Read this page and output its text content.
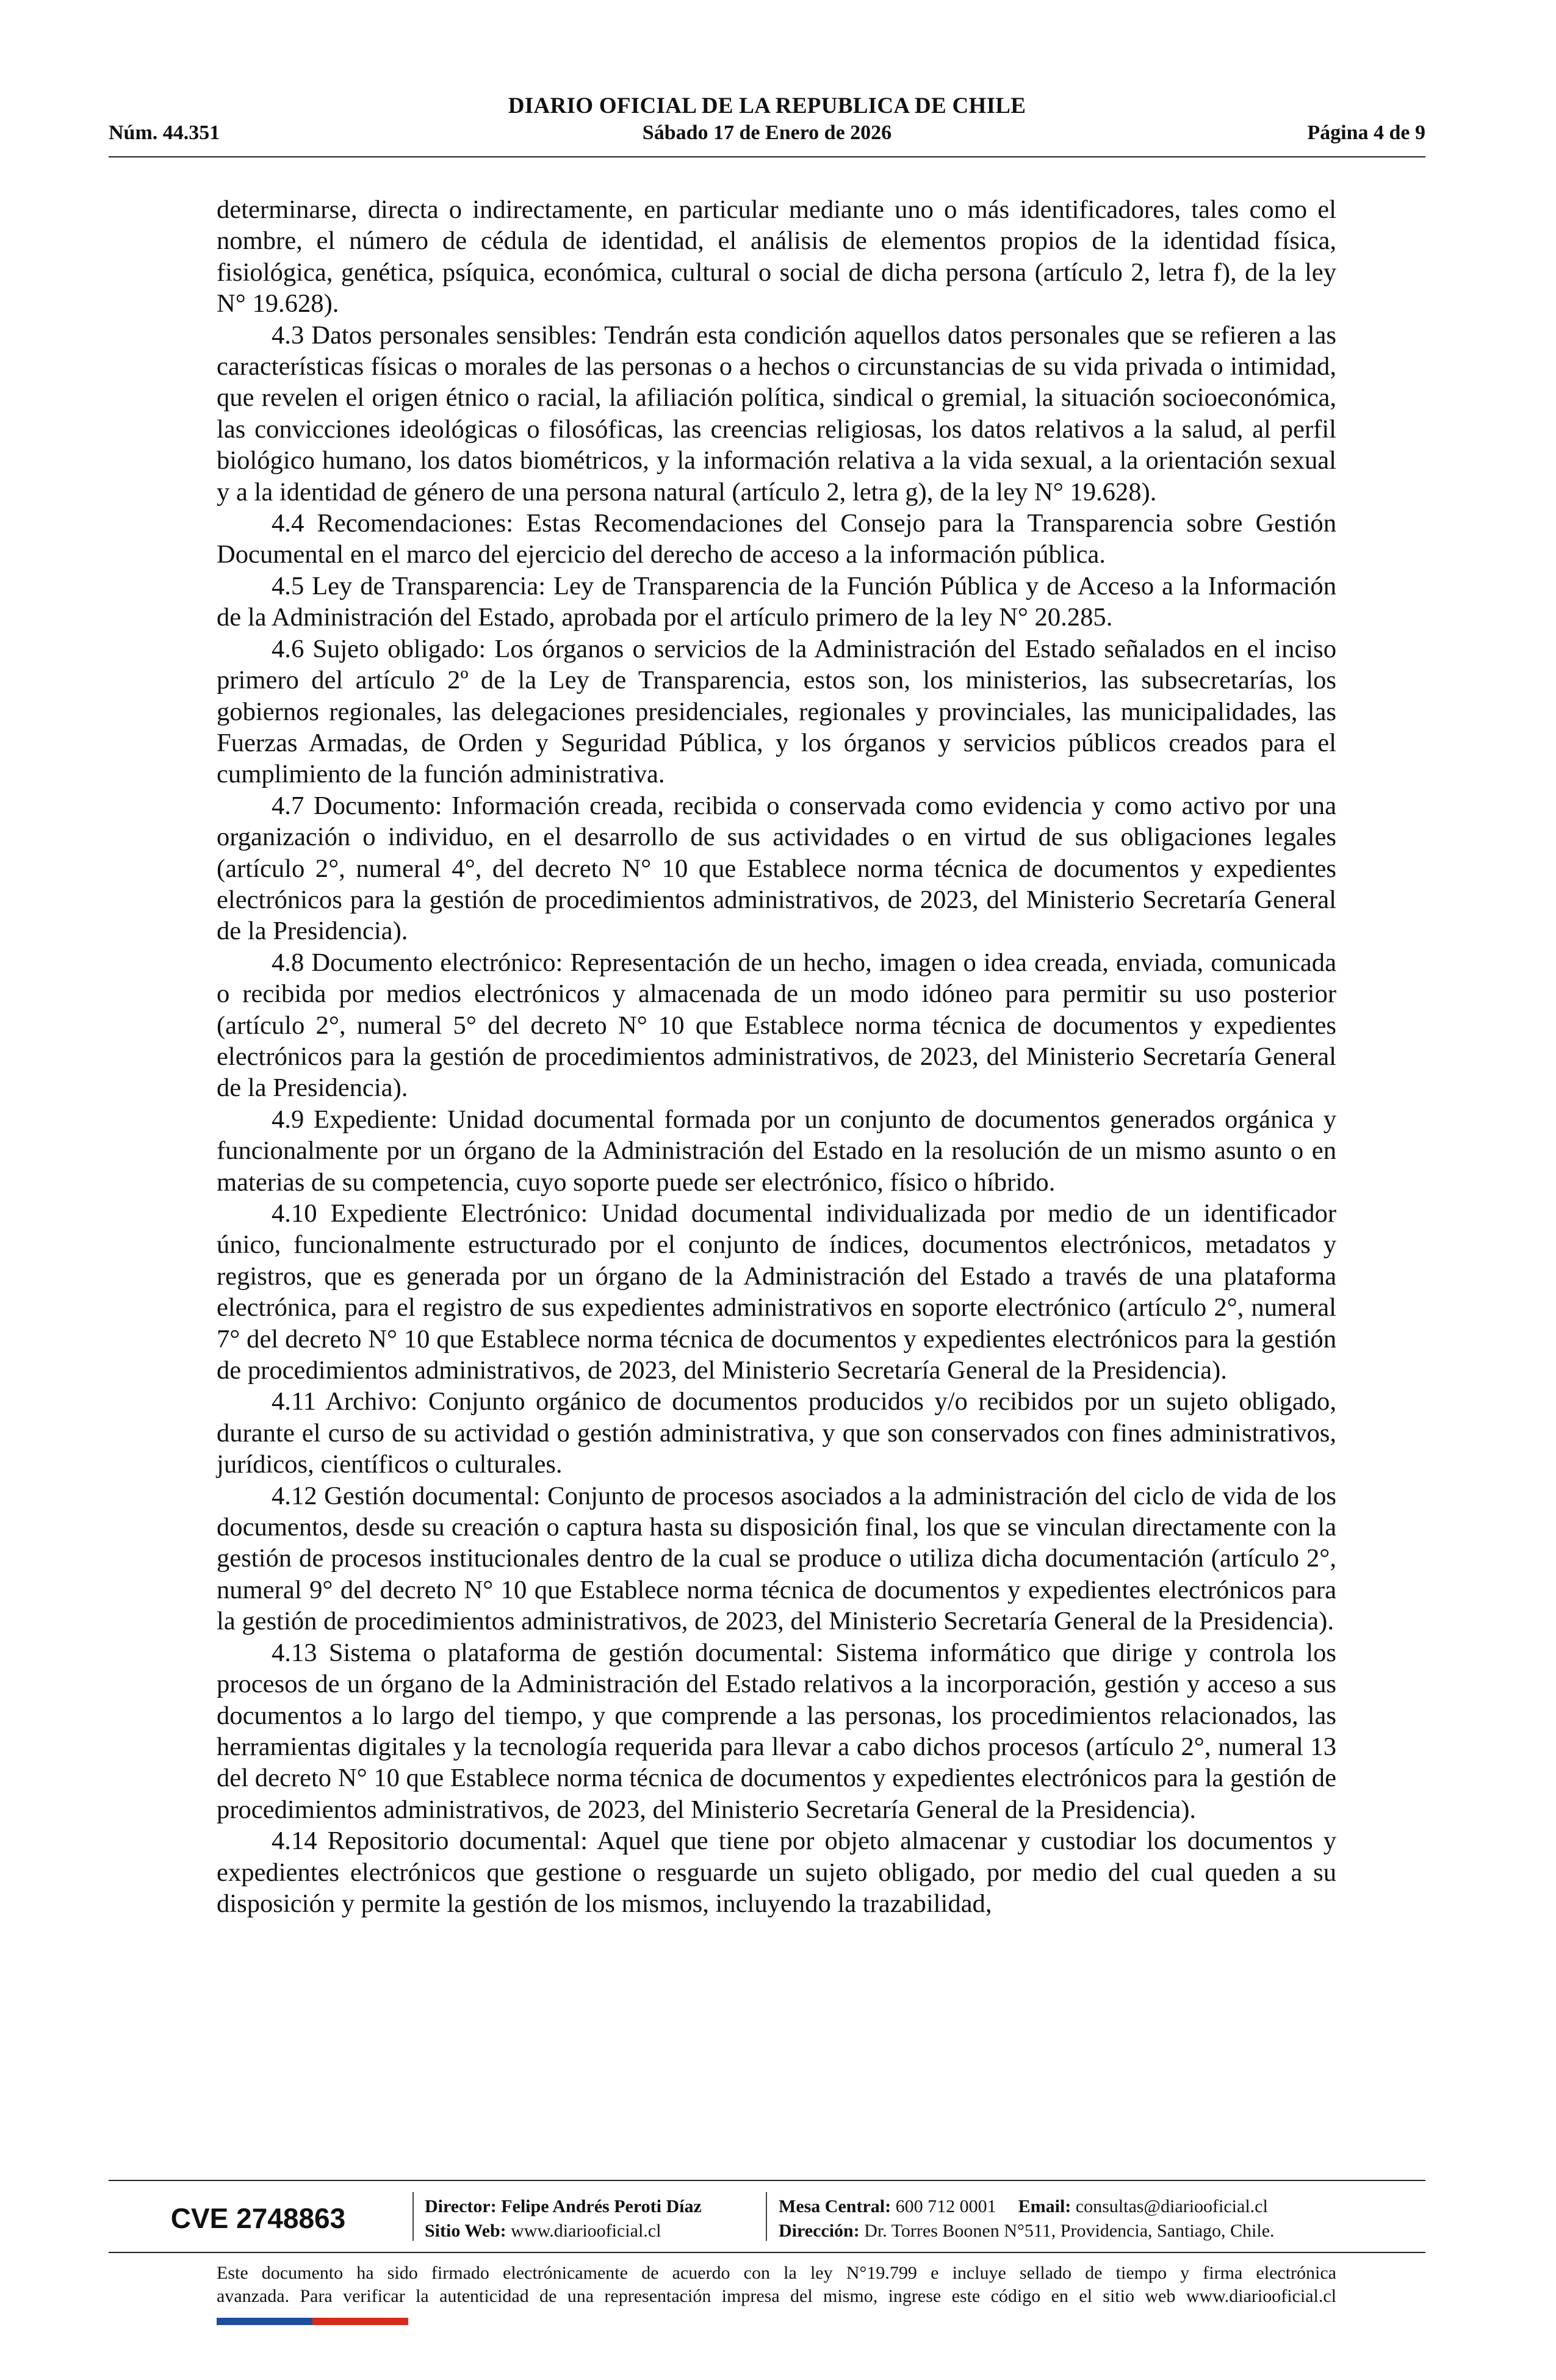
DIARIO OFICIAL DE LA REPUBLICA DE CHILE
Núm. 44.351	Sábado 17 de Enero de 2026	Página 4 de 9

determinarse, directa o indirectamente, en particular mediante uno o más identificadores, tales como el nombre, el número de cédula de identidad, el análisis de elementos propios de la identidad física, fisiológica, genética, psíquica, económica, cultural o social de dicha persona (artículo 2, letra f), de la ley N° 19.628).

4.3 Datos personales sensibles: Tendrán esta condición aquellos datos personales que se refieren a las características físicas o morales de las personas o a hechos o circunstancias de su vida privada o intimidad, que revelen el origen étnico o racial, la afiliación política, sindical o gremial, la situación socioeconómica, las convicciones ideológicas o filosóficas, las creencias religiosas, los datos relativos a la salud, al perfil biológico humano, los datos biométricos, y la información relativa a la vida sexual, a la orientación sexual y a la identidad de género de una persona natural (artículo 2, letra g), de la ley N° 19.628).

4.4 Recomendaciones: Estas Recomendaciones del Consejo para la Transparencia sobre Gestión Documental en el marco del ejercicio del derecho de acceso a la información pública.

4.5 Ley de Transparencia: Ley de Transparencia de la Función Pública y de Acceso a la Información de la Administración del Estado, aprobada por el artículo primero de la ley N° 20.285.

4.6 Sujeto obligado: Los órganos o servicios de la Administración del Estado señalados en el inciso primero del artículo 2º de la Ley de Transparencia, estos son, los ministerios, las subsecretarías, los gobiernos regionales, las delegaciones presidenciales, regionales y provinciales, las municipalidades, las Fuerzas Armadas, de Orden y Seguridad Pública, y los órganos y servicios públicos creados para el cumplimiento de la función administrativa.

4.7 Documento: Información creada, recibida o conservada como evidencia y como activo por una organización o individuo, en el desarrollo de sus actividades o en virtud de sus obligaciones legales (artículo 2°, numeral 4°, del decreto N° 10 que Establece norma técnica de documentos y expedientes electrónicos para la gestión de procedimientos administrativos, de 2023, del Ministerio Secretaría General de la Presidencia).

4.8 Documento electrónico: Representación de un hecho, imagen o idea creada, enviada, comunicada o recibida por medios electrónicos y almacenada de un modo idóneo para permitir su uso posterior (artículo 2°, numeral 5° del decreto N° 10 que Establece norma técnica de documentos y expedientes electrónicos para la gestión de procedimientos administrativos, de 2023, del Ministerio Secretaría General de la Presidencia).

4.9 Expediente: Unidad documental formada por un conjunto de documentos generados orgánica y funcionalmente por un órgano de la Administración del Estado en la resolución de un mismo asunto o en materias de su competencia, cuyo soporte puede ser electrónico, físico o híbrido.

4.10 Expediente Electrónico: Unidad documental individualizada por medio de un identificador único, funcionalmente estructurado por el conjunto de índices, documentos electrónicos, metadatos y registros, que es generada por un órgano de la Administración del Estado a través de una plataforma electrónica, para el registro de sus expedientes administrativos en soporte electrónico (artículo 2°, numeral 7° del decreto N° 10 que Establece norma técnica de documentos y expedientes electrónicos para la gestión de procedimientos administrativos, de 2023, del Ministerio Secretaría General de la Presidencia).

4.11 Archivo: Conjunto orgánico de documentos producidos y/o recibidos por un sujeto obligado, durante el curso de su actividad o gestión administrativa, y que son conservados con fines administrativos, jurídicos, científicos o culturales.

4.12 Gestión documental: Conjunto de procesos asociados a la administración del ciclo de vida de los documentos, desde su creación o captura hasta su disposición final, los que se vinculan directamente con la gestión de procesos institucionales dentro de la cual se produce o utiliza dicha documentación (artículo 2°, numeral 9° del decreto N° 10 que Establece norma técnica de documentos y expedientes electrónicos para la gestión de procedimientos administrativos, de 2023, del Ministerio Secretaría General de la Presidencia).

4.13 Sistema o plataforma de gestión documental: Sistema informático que dirige y controla los procesos de un órgano de la Administración del Estado relativos a la incorporación, gestión y acceso a sus documentos a lo largo del tiempo, y que comprende a las personas, los procedimientos relacionados, las herramientas digitales y la tecnología requerida para llevar a cabo dichos procesos (artículo 2°, numeral 13 del decreto N° 10 que Establece norma técnica de documentos y expedientes electrónicos para la gestión de procedimientos administrativos, de 2023, del Ministerio Secretaría General de la Presidencia).

4.14 Repositorio documental: Aquel que tiene por objeto almacenar y custodiar los documentos y expedientes electrónicos que gestione o resguarde un sujeto obligado, por medio del cual queden a su disposición y permite la gestión de los mismos, incluyendo la trazabilidad,

CVE 2748863	Director: Felipe Andrés Peroti Díaz
Sitio Web: www.diariooficial.cl
Mesa Central: 600 712 0001 Email: consultas@diariooficial.cl
Dirección: Dr. Torres Boonen N°511, Providencia, Santiago, Chile.
Este documento ha sido firmado electrónicamente de acuerdo con la ley N°19.799 e incluye sellado de tiempo y firma electrónica
avanzada. Para verificar la autenticidad de una representación impresa del mismo, ingrese este código en el sitio web www.diariooficial.cl
